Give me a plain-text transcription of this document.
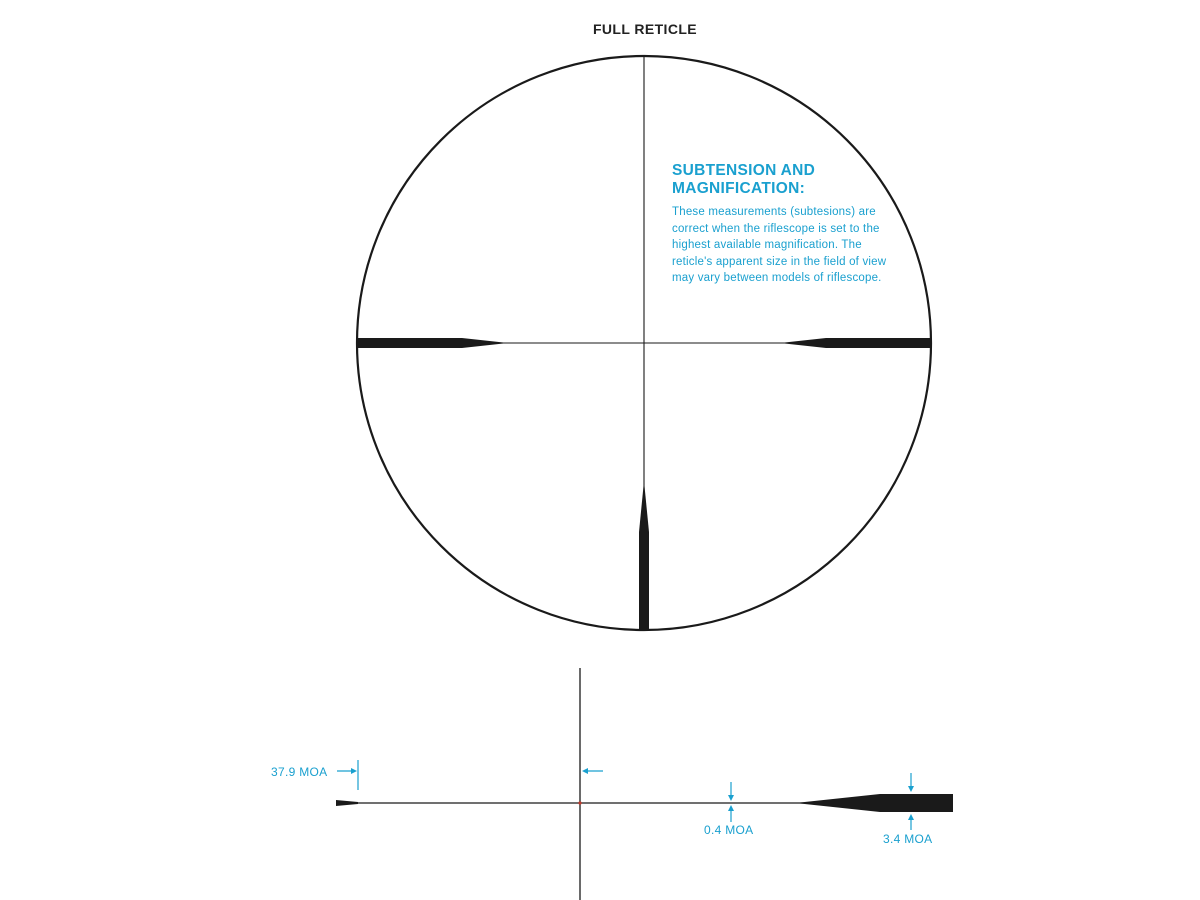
FULL RETICLE

SUBTENSION AND MAGNIFICATION:

These measurements (subtesions) are correct when the riflescope is set to the highest available magnification. The reticle's apparent size in the field of view may vary between models of riflescope.

37.9 MOA
0.4 MOA
3.4 MOA
